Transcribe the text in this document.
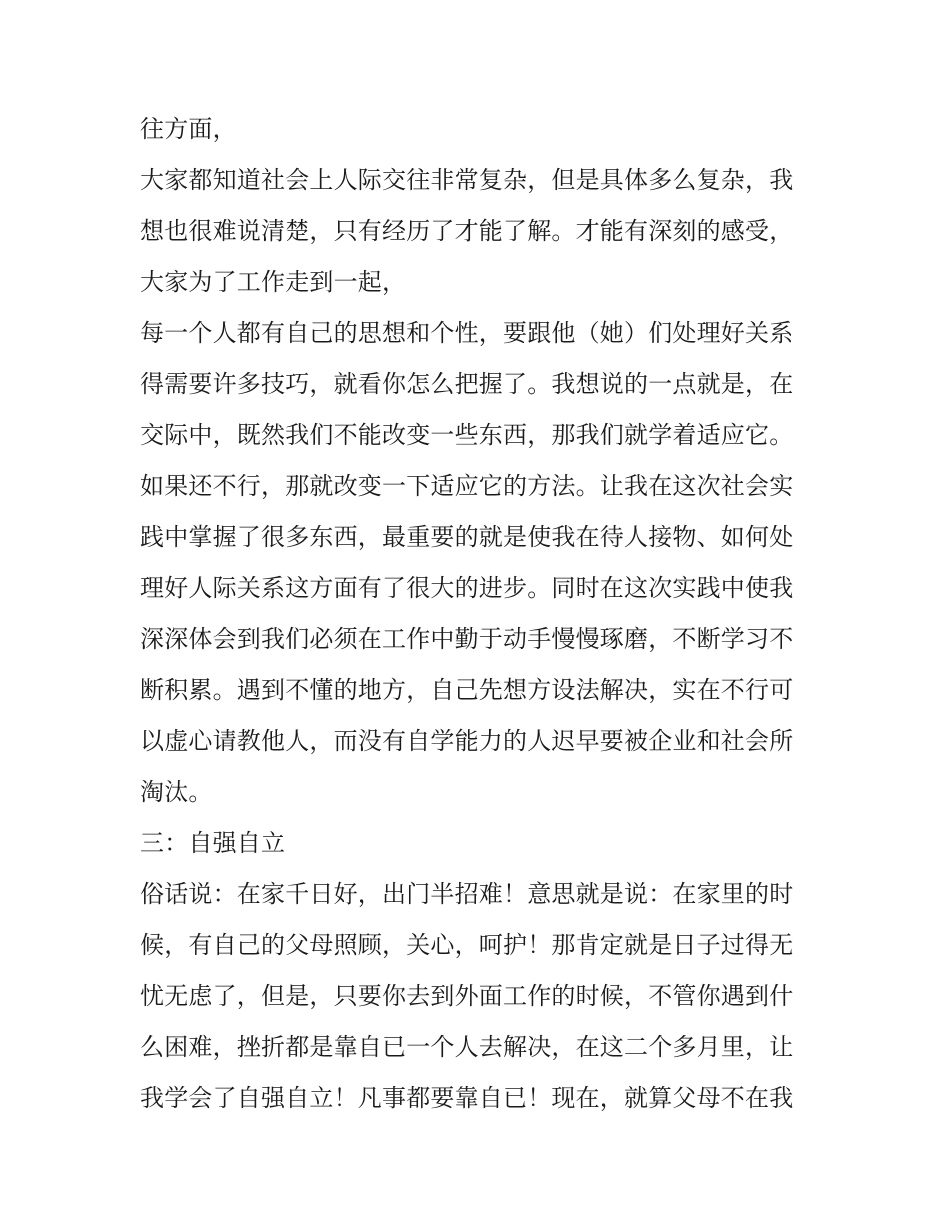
往方面，
大家都知道社会上人际交往非常复杂，但是具体多么复杂，我
想也很难说清楚，只有经历了才能了解。才能有深刻的感受，
大家为了工作走到一起，
每一个人都有自己的思想和个性，要跟他（她）们处理好关系
得需要许多技巧，就看你怎么把握了。我想说的一点就是，在
交际中，既然我们不能改变一些东西，那我们就学着适应它。
如果还不行，那就改变一下适应它的方法。让我在这次社会实
践中掌握了很多东西，最重要的就是使我在待人接物、如何处
理好人际关系这方面有了很大的进步。同时在这次实践中使我
深深体会到我们必须在工作中勤于动手慢慢琢磨，不断学习不
断积累。遇到不懂的地方，自己先想方设法解决，实在不行可
以虚心请教他人，而没有自学能力的人迟早要被企业和社会所
淘汰。
三：自强自立
俗话说：在家千日好，出门半招难！意思就是说：在家里的时
候，有自己的父母照顾，关心，呵护！那肯定就是日子过得无
忧无虑了，但是，只要你去到外面工作的时候，不管你遇到什
么困难，挫折都是靠自已一个人去解决，在这二个多月里，让
我学会了自强自立！凡事都要靠自已！现在，就算父母不在我
